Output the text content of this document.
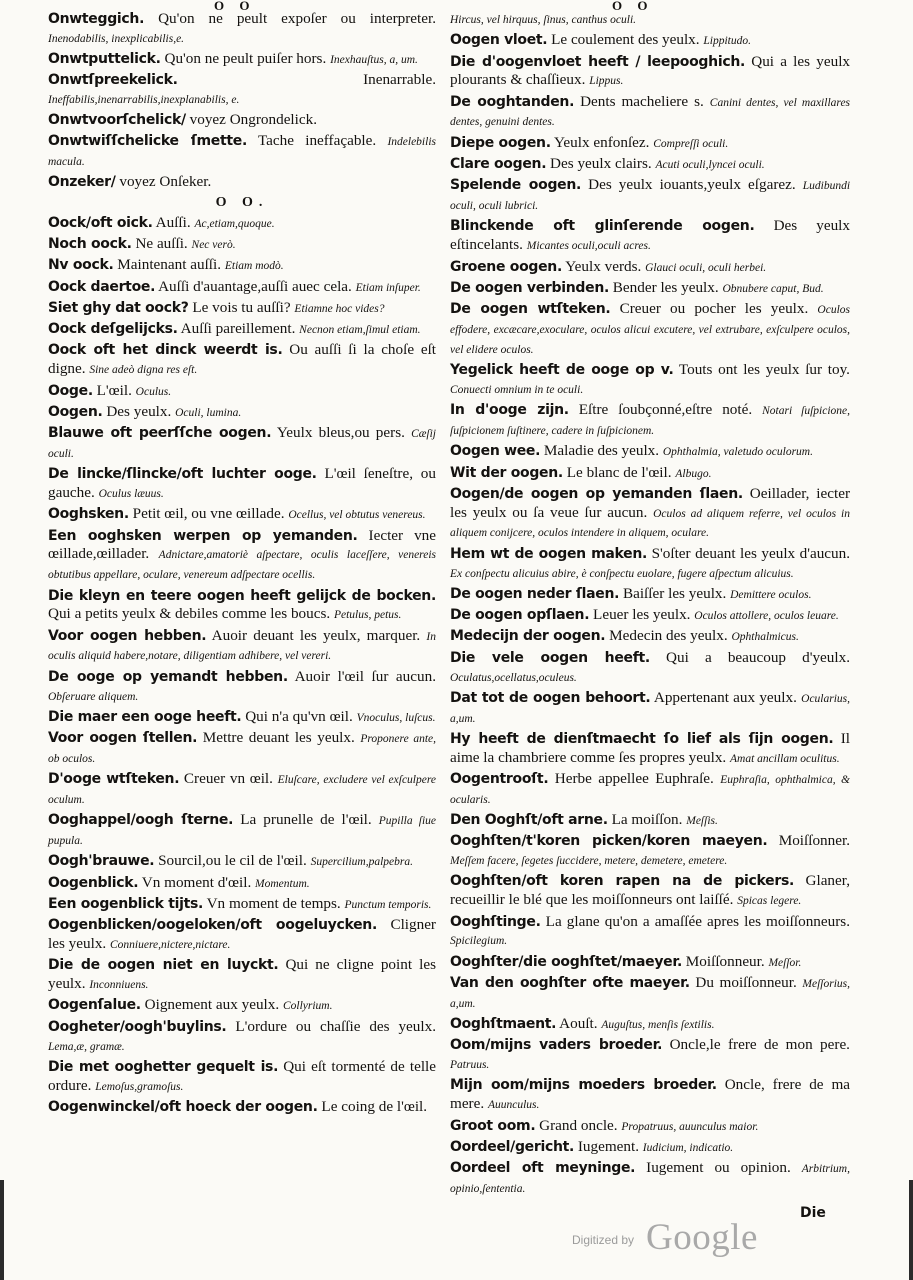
O O	O O
Onwteggich. Qu'on ne peult expoſer ou interpreter. Inenodabilis, inexplicabilis,e.
Onwtputtelick. Qu'on ne peult puiſer hors. Inexhauſtus, a, um.
Onwtſpreekelick.	Inenarrable. Ineffabilis,inenarrabilis,inexplanabilis, e.
Onwtvoorſchelick/ voyez Ongrondelick.
Onwtwiſſchelicke ſmette. Tache ineffaçable. Indelebilis macula.
Onzeker/ voyez Onſeker.
O O.
Oock/oft oick. Auſſi. Ac,etiam,quoque.
Noch oock. Ne auſſi. Nec verò.
Nv oock. Maintenant auſſi. Etiam modò.
Oock daertoe. Auſſi d'auantage,auſſi auec cela. Etiam inſuper.
Siet ghy dat oock? Le vois tu auſſi? Etiamne hoc vides?
Oock deſgelijcks. Auſſi pareillement. Necnon etiam,ſimul etiam.
Oock oft het dinck weerdt is. Ou auſſi ſi la choſe eſt digne. Sine adeò digna res eſt.
Ooge. L'œil. Oculus.
Oogen. Des yeulx. Oculi, lumina.
Blauwe oft peerſſche oogen. Yeulx bleus,ou pers. Cæſij oculi.
De lincke/ſlincke/oft luchter ooge. L'œil ſeneſtre, ou gauche. Oculus læuus.
Ooghsken. Petit œil, ou vne œillade. Ocellus, vel obtutus venereus.
Een ooghsken werpen op yemanden. Iecter vne œillade,œillader. Adnictare,amatoriè aſpectare, oculis laceſſere, venereis obtutibus appellare, oculare, venereum adſpectare ocellis.
Die kleyn en teere oogen heeft gelijck de bocken. Qui a petits yeulx & debiles comme les boucs. Petulus, petus.
Voor oogen hebben. Auoir deuant les yeulx, marquer. In oculis aliquid habere,notare, diligentiam adhibere, vel vereri.
De ooge op yemandt hebben. Auoir l'œil ſur aucun. Obſeruare aliquem.
Die maer een ooge heeft. Qui n'a qu'vn œil. Vnoculus, luſcus.
Voor oogen ſtellen. Mettre deuant les yeulx. Proponere ante, ob oculos.
D'ooge wtſteken. Creuer vn œil. Eluſcare, excludere vel exſculpere oculum.
Ooghappel/oogh ſterne. La prunelle de l'œil. Pupilla ſiue pupula.
Oogh'brauwe. Sourcil,ou le cil de l'œil. Supercilium,palpebra.
Oogenblick. Vn moment d'œil. Momentum.
Een oogenblick tijts. Vn moment de temps. Punctum temporis.
Oogenblicken/oogeloken/oft oogeluycken. Cligner les yeulx. Conniuere,nictere,nictare.
Die de oogen niet en luyckt. Qui ne cligne point les yeulx. Inconniuens.
Oogenſalue. Oignement aux yeulx. Collyrium.
Oogheter/oogh'buylins. L'ordure ou chaſſie des yeulx. Lema,æ, gramæ.
Die met ooghetter gequelt is. Qui eſt tormenté de telle ordure. Lemoſus,gramoſus.
Oogenwinckel/oft hoeck der oogen. Le coing de l'œil.
Hircus, vel hirquus, ſinus, canthus oculi.
Oogen vloet. Le coulement des yeulx. Lippitudo.
Die d'oogenvloet heeft / leepooghich. Qui a les yeulx plourants & chaſſieux. Lippus.
De ooghtanden. Dents macheliere s. Canini dentes, vel maxillares dentes, genuini dentes.
Diepe oogen. Yeulx enfonſez. Compreſſi oculi.
Clare oogen. Des yeulx clairs. Acuti oculi,lyncei oculi.
Spelende oogen. Des yeulx iouants,yeulx eſgarez. Ludibundi oculi, oculi lubrici.
Blinckende oft glinſerende oogen. Des yeulx eſtincelants. Micantes oculi,oculi acres.
Groene oogen. Yeulx verds. Glauci oculi, oculi herbei.
De oogen verbinden. Bender les yeulx. Obnubere caput, Bud.
De oogen wtſteken. Creuer ou pocher les yeulx. Oculos effodere, excæcare,exoculare, oculos alicui excutere, vel extrubare, exſculpere oculos, vel elidere oculos.
Yegelick heeft de ooge op v. Touts ont les yeulx ſur toy. Conuecti omnium in te oculi.
In d'ooge zijn. Eſtre ſoubçonné,eſtre noté. Notari ſuſpicione, ſuſpicionem ſuſtinere, cadere in ſuſpicionem.
Oogen wee. Maladie des yeulx. Ophthalmia, valetudo oculorum.
Wit der oogen. Le blanc de l'œil. Albugo.
Oogen/de oogen op yemanden ſlaen. Oeillader, iecter les yeulx ou ſa veue ſur aucun. Oculos ad aliquem referre, vel oculos in aliquem conijcere, oculos intendere in aliquem, oculare.
Hem wt de oogen maken. S'oſter deuant les yeulx d'aucun. Ex conſpectu alicuius abire, è conſpectu euolare, fugere aſpectum alicuius.
De oogen neder ſlaen. Baiſſer les yeulx. Demittere oculos.
De oogen opſlaen. Leuer les yeulx. Oculos attollere, oculos leuare.
Medecijn der oogen. Medecin des yeulx. Ophthalmicus.
Die vele oogen heeft. Qui a beaucoup d'yeulx. Oculatus,ocellatus,oculeus.
Dat tot de oogen behoort. Appertenant aux yeulx. Ocularius, a,um.
Hy heeft de dienſtmaecht ſo lief als ſijn oogen. Il aime la chambriere comme ſes propres yeulx. Amat ancillam oculitus.
Oogentrooſt. Herbe appellee Euphraſe. Euphraſia, ophthalmica, & ocularis.
Den Ooghſt/oft arne. La moiſſon. Meſſis.
Ooghſten/t'koren picken/koren maeyen. Moiſſonner. Meſſem facere, ſegetes ſuccidere, metere, demetere, emetere.
Ooghſten/oft koren rapen na de pickers. Glaner, recueillir le blé que les moiſſonneurs ont laiſſé. Spicas legere.
Ooghſtinge. La glane qu'on a amaſſée apres les moiſſonneurs. Spicilegium.
Ooghſter/die ooghſtet/maeyer. Moiſſonneur. Meſſor.
Van den ooghſter ofte maeyer. Du moiſſonneur. Meſſorius, a,um.
Ooghſtmaent. Aouſt. Auguſtus, menſis ſextilis.
Oom/mijns vaders broeder. Oncle,le frere de mon pere. Patruus.
Mijn oom/mijns moeders broeder. Oncle, frere de ma mere. Auunculus.
Groot oom. Grand oncle. Propatruus, auunculus maior.
Oordeel/gericht. Iugement. Iudicium, indicatio.
Oordeel oft meyninge. Iugement ou opinion. Arbitrium, opinio,ſententia.
Die
Digitized by Google
